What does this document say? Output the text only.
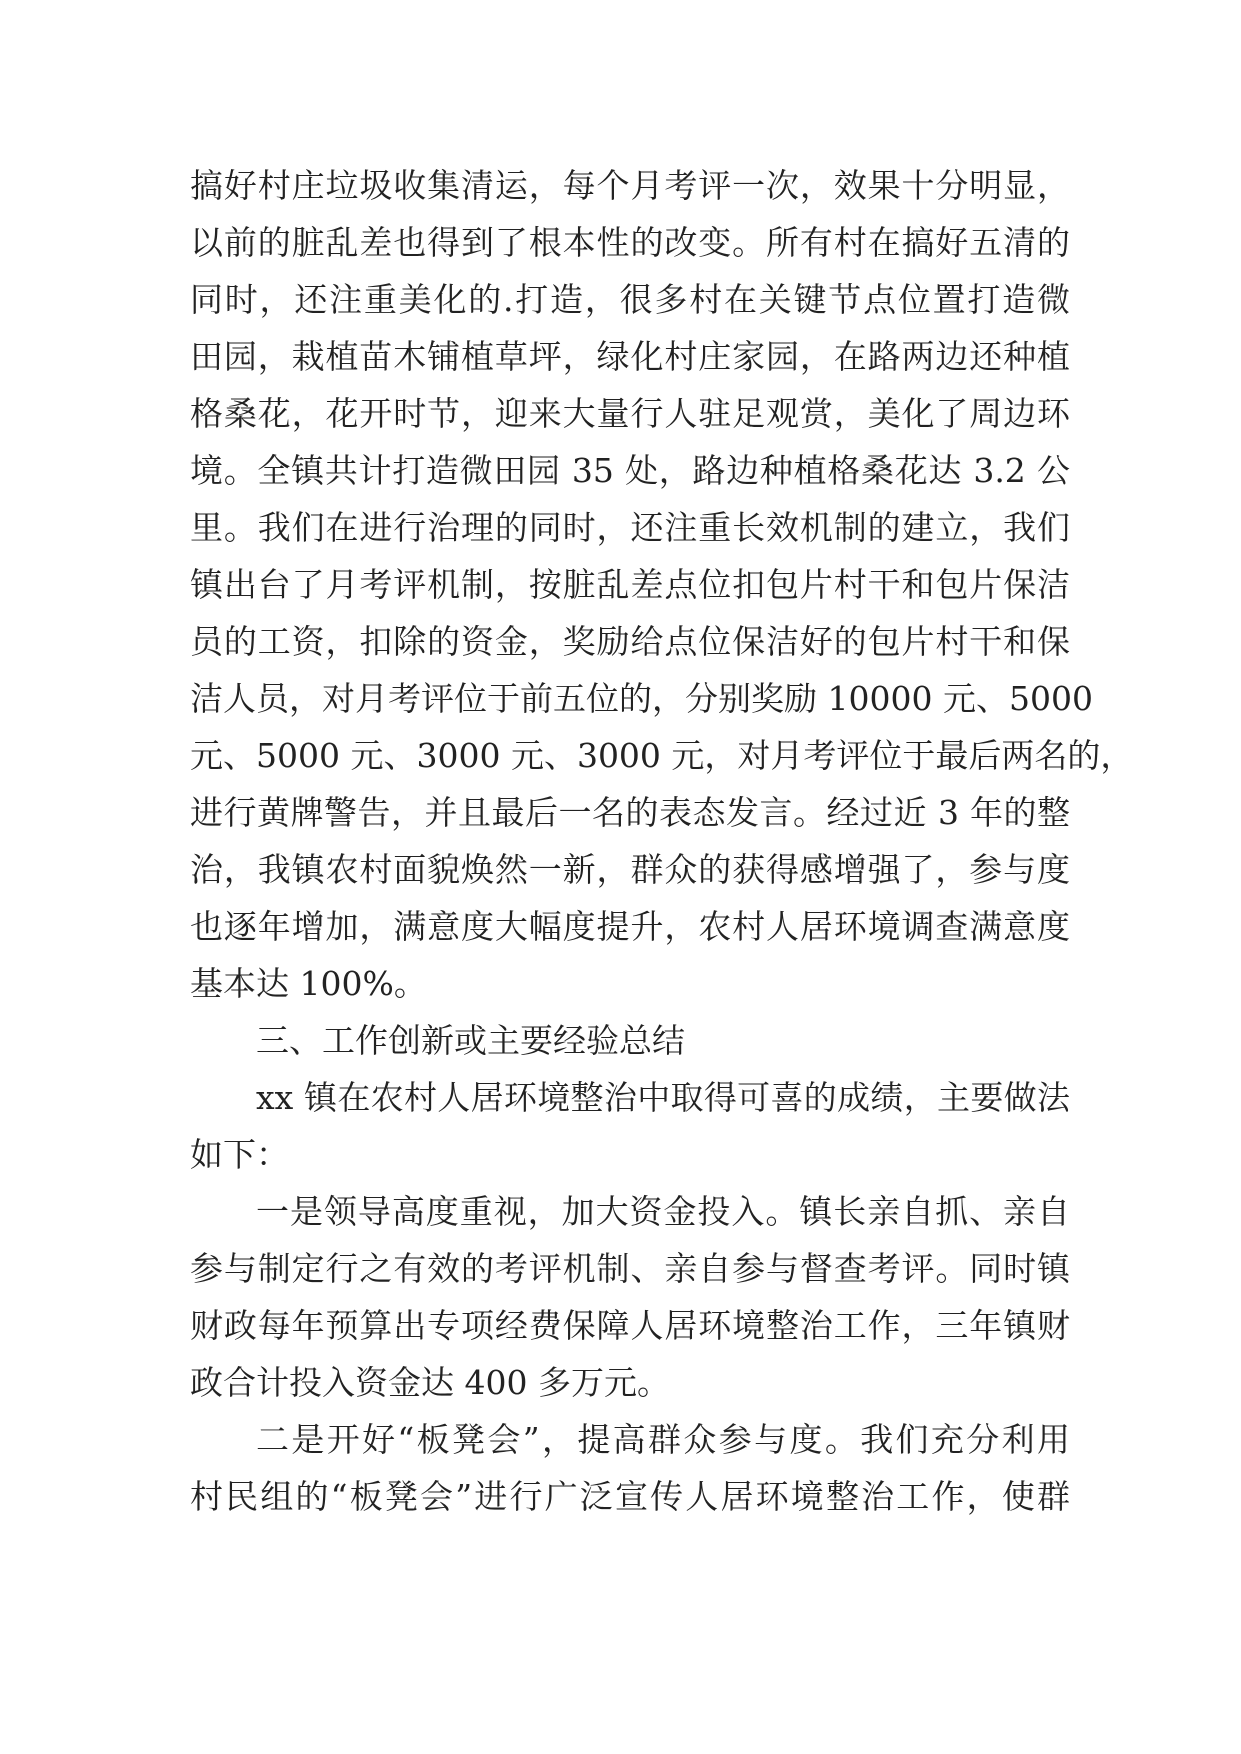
搞好村庄垃圾收集清运，每个月考评一次，效果十分明显，
以前的脏乱差也得到了根本性的改变。所有村在搞好五清的
同时，还注重美化的.打造，很多村在关键节点位置打造微
田园，栽植苗木铺植草坪，绿化村庄家园，在路两边还种植
格桑花，花开时节，迎来大量行人驻足观赏，美化了周边环
境。全镇共计打造微田园 35 处，路边种植格桑花达 3.2 公
里。我们在进行治理的同时，还注重长效机制的建立，我们
镇出台了月考评机制，按脏乱差点位扣包片村干和包片保洁
员的工资，扣除的资金，奖励给点位保洁好的包片村干和保
洁人员，对月考评位于前五位的，分别奖励 10000 元、5000
元、5000 元、3000 元、3000 元，对月考评位于最后两名的，
进行黄牌警告，并且最后一名的表态发言。经过近 3 年的整
治，我镇农村面貌焕然一新，群众的获得感增强了，参与度
也逐年增加，满意度大幅度提升，农村人居环境调查满意度
基本达 100%。
三、工作创新或主要经验总结
xx 镇在农村人居环境整治中取得可喜的成绩，主要做法
如下：
一是领导高度重视，加大资金投入。镇长亲自抓、亲自
参与制定行之有效的考评机制、亲自参与督查考评。同时镇
财政每年预算出专项经费保障人居环境整治工作，三年镇财
政合计投入资金达 400 多万元。
二是开好“板凳会”，提高群众参与度。我们充分利用
村民组的“板凳会”进行广泛宣传人居环境整治工作，使群
